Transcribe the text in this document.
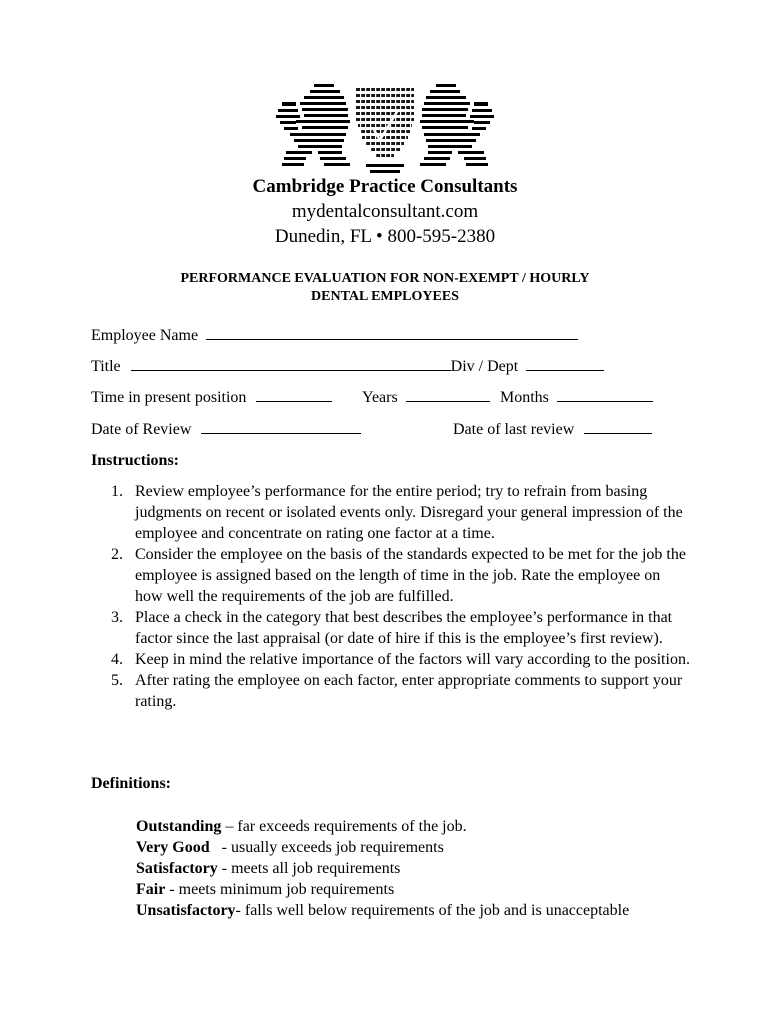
Cambridge Practice Consultants
mydentalconsultant.com
Dunedin, FL • 800-595-2380
PERFORMANCE EVALUATION FOR NON-EXEMPT / HOURLY
DENTAL EMPLOYEES
Employee Name
Title	Div / Dept
Time in present position	Years	Months
Date of Review	Date of last review
Instructions:
1. Review employee’s performance for the entire period; try to refrain from basing judgments on recent or isolated events only. Disregard your general impression of the employee and concentrate on rating one factor at a time.
2. Consider the employee on the basis of the standards expected to be met for the job the employee is assigned based on the length of time in the job. Rate the employee on how well the requirements of the job are fulfilled.
3. Place a check in the category that best describes the employee’s performance in that factor since the last appraisal (or date of hire if this is the employee’s first review).
4. Keep in mind the relative importance of the factors will vary according to the position.
5. After rating the employee on each factor, enter appropriate comments to support your rating.
Definitions:
Outstanding – far exceeds requirements of the job.
Very Good   - usually exceeds job requirements
Satisfactory - meets all job requirements
Fair - meets minimum job requirements
Unsatisfactory- falls well below requirements of the job and is unacceptable
